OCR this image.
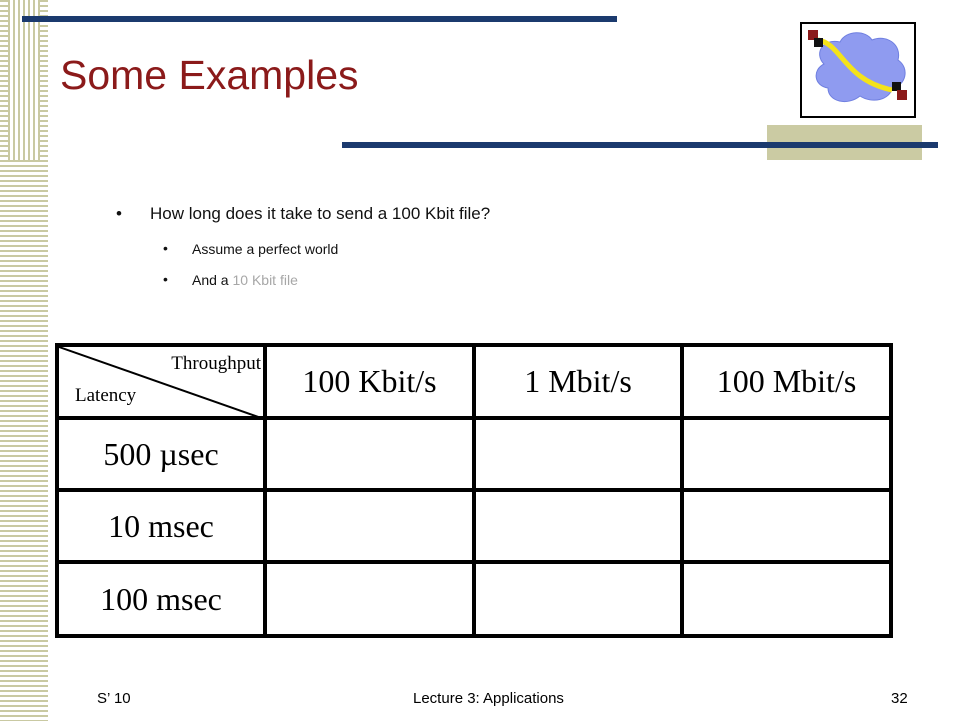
Some Examples
• How long does it take to send a 100 Kbit file?
• Assume a perfect world
• And a 10 Kbit file
Throughput
Latency	100 Kbit/s	1 Mbit/s	100 Mbit/s
500 µsec			
10 msec			
100 msec			
S’ 10	Lecture 3: Applications	32
